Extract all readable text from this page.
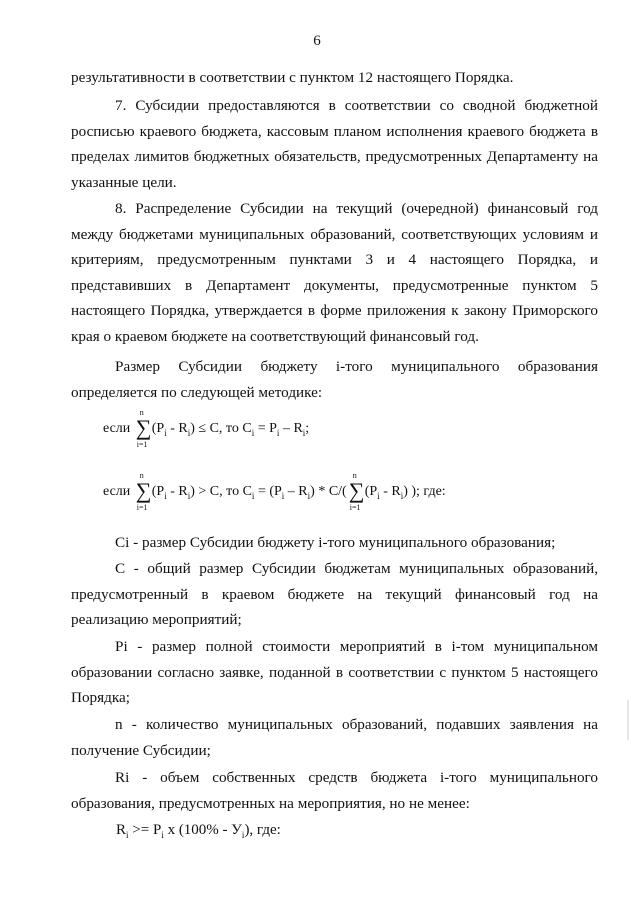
6
результативности в соответствии с пунктом 12 настоящего Порядка.
7. Субсидии предоставляются в соответствии со сводной бюджетной росписью краевого бюджета, кассовым планом исполнения краевого бюджета в пределах лимитов бюджетных обязательств, предусмотренных Департаменту на указанные цели.
8. Распределение Субсидии на текущий (очередной) финансовый год между бюджетами муниципальных образований, соответствующих условиям и критериям, предусмотренным пунктами 3 и 4 настоящего Порядка, и представивших в Департамент документы, предусмотренные пунктом 5 настоящего Порядка, утверждается в форме приложения к закону Приморского края о краевом бюджете на соответствующий финансовый год.
Размер Субсидии бюджету i-того муниципального образования определяется по следующей методике:
если
n
∑
i=1
$(P_i - R_i) \le C$, то $C_i = P_i - R_i$;
если
n
∑
i=1
$(P_i - R_i) > C$, то $C_i = (P_i - R_i) * C/$(
n
∑
i=1
$(P_i - R_i)$ ); где:
Ci - размер Субсидии бюджету i-того муниципального образования;
C - общий размер Субсидии бюджетам муниципальных образований, предусмотренный в краевом бюджете на текущий финансовый год на реализацию мероприятий;
Pi - размер полной стоимости мероприятий в i-том муниципальном образовании согласно заявке, поданной в соответствии с пунктом 5 настоящего Порядка;
n - количество муниципальных образований, подавших заявления на получение Субсидии;
Ri - объем собственных средств бюджета i-того муниципального образования, предусмотренных на мероприятия, но не менее:
$R_i >= P_i$ x $(100\% - У_i)$, где:
